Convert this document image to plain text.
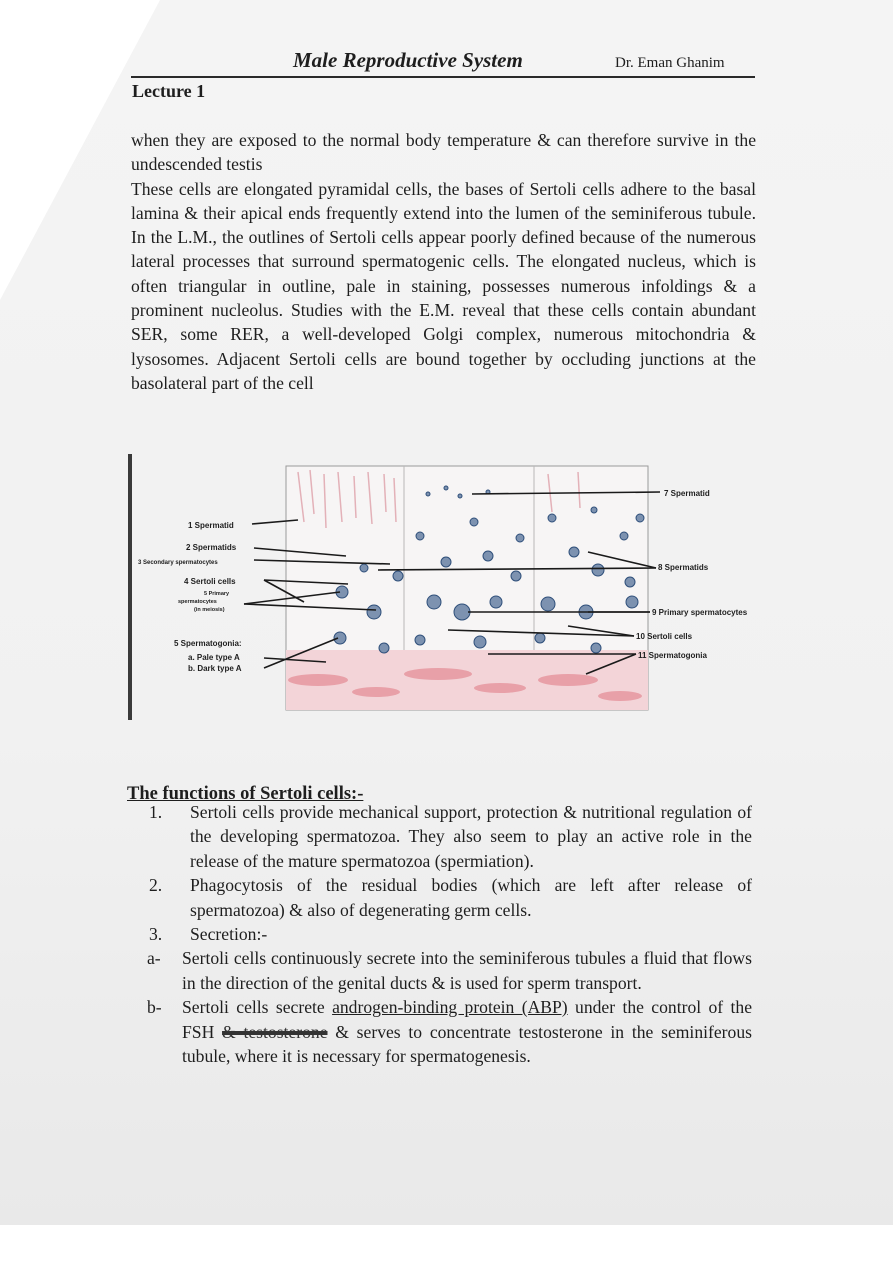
Male Reproductive System	Dr. Eman Ghanim
Lecture 1

when they are exposed to the normal body temperature & can therefore survive in the undescended testis

These cells are elongated pyramidal cells, the bases of Sertoli cells adhere to the basal lamina & their apical ends frequently extend into the lumen of the seminiferous tubule. In the L.M., the outlines of Sertoli cells appear poorly defined because of the numerous lateral processes that surround spermatogenic cells. The elongated nucleus, which is often triangular in outline, pale in staining, possesses numerous infoldings & a prominent nucleolus. Studies with the E.M. reveal that these cells contain abundant SER, some RER, a well-developed Golgi complex, numerous mitochondria & lysosomes. Adjacent Sertoli cells are bound together by occluding junctions at the basolateral part of the cell

1 Spermatid
2 Spermatids
3 Secondary spermatocytes
4 Sertoli cells
5 Primary
spermatocytes
(in meiosis)
5 Spermatogonia:
a. Pale type A
b. Dark type A
7 Spermatid
8 Spermatids
9 Primary spermatocytes
10 Sertoli cells
11 Spermatogonia
The functions of Sertoli cells:-
1. Sertoli cells provide mechanical support, protection & nutritional regulation of the developing spermatozoa. They also seem to play an active role in the release of the mature spermatozoa (spermiation).
2. Phagocytosis of the residual bodies (which are left after release of spermatozoa) & also of degenerating germ cells.
3. Secretion:-
a- Sertoli cells continuously secrete into the seminiferous tubules a fluid that flows in the direction of the genital ducts & is used for sperm transport.
b- Sertoli cells secrete androgen-binding protein (ABP) under the control of the FSH & testosterone & serves to concentrate testosterone in the seminiferous tubule, where it is necessary for spermatogenesis.
